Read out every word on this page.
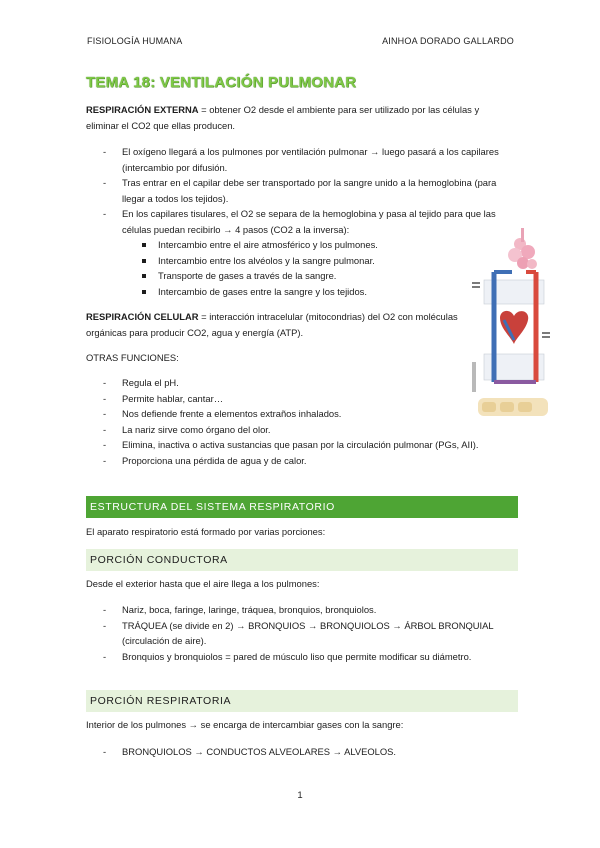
FISIOLOGÍA HUMANA	AINHOA DORADO GALLARDO
TEMA 18: VENTILACIÓN PULMONAR
RESPIRACIÓN EXTERNA = obtener O2 desde el ambiente para ser utilizado por las células y eliminar el CO2 que ellas producen.
- El oxígeno llegará a los pulmones por ventilación pulmonar → luego pasará a los capilares (intercambio por difusión.
- Tras entrar en el capilar debe ser transportado por la sangre unido a la hemoglobina (para llegar a todos los tejidos).
- En los capilares tisulares, el O2 se separa de la hemoglobina y pasa al tejido para que las células puedan recibirlo → 4 pasos (CO2 a la inversa):
Intercambio entre el aire atmosférico y los pulmones.
Intercambio entre los alvéolos y la sangre pulmonar.
Transporte de gases a través de la sangre.
Intercambio de gases entre la sangre y los tejidos.
RESPIRACIÓN CELULAR = interacción intracelular (mitocondrias) del O2 con moléculas orgánicas para producir CO2, agua y energía (ATP).
OTRAS FUNCIONES:
- Regula el pH.
- Permite hablar, cantar…
- Nos defiende frente a elementos extraños inhalados.
- La nariz sirve como órgano del olor.
- Elimina, inactiva o activa sustancias que pasan por la circulación pulmonar (PGs, AII).
- Proporciona una pérdida de agua y de calor.
ESTRUCTURA DEL SISTEMA RESPIRATORIO
El aparato respiratorio está formado por varias porciones:
PORCIÓN CONDUCTORA
Desde el exterior hasta que el aire llega a los pulmones:
- Nariz, boca, faringe, laringe, tráquea, bronquios, bronquiolos.
- TRÁQUEA (se divide en 2) → BRONQUIOS → BRONQUIOLOS → ÁRBOL BRONQUIAL (circulación de aire).
- Bronquios y bronquiolos = pared de músculo liso que permite modificar su diámetro.
PORCIÓN RESPIRATORIA
Interior de los pulmones → se encarga de intercambiar gases con la sangre:
- BRONQUIOLOS → CONDUCTOS ALVEOLARES → ALVEOLOS.
1
